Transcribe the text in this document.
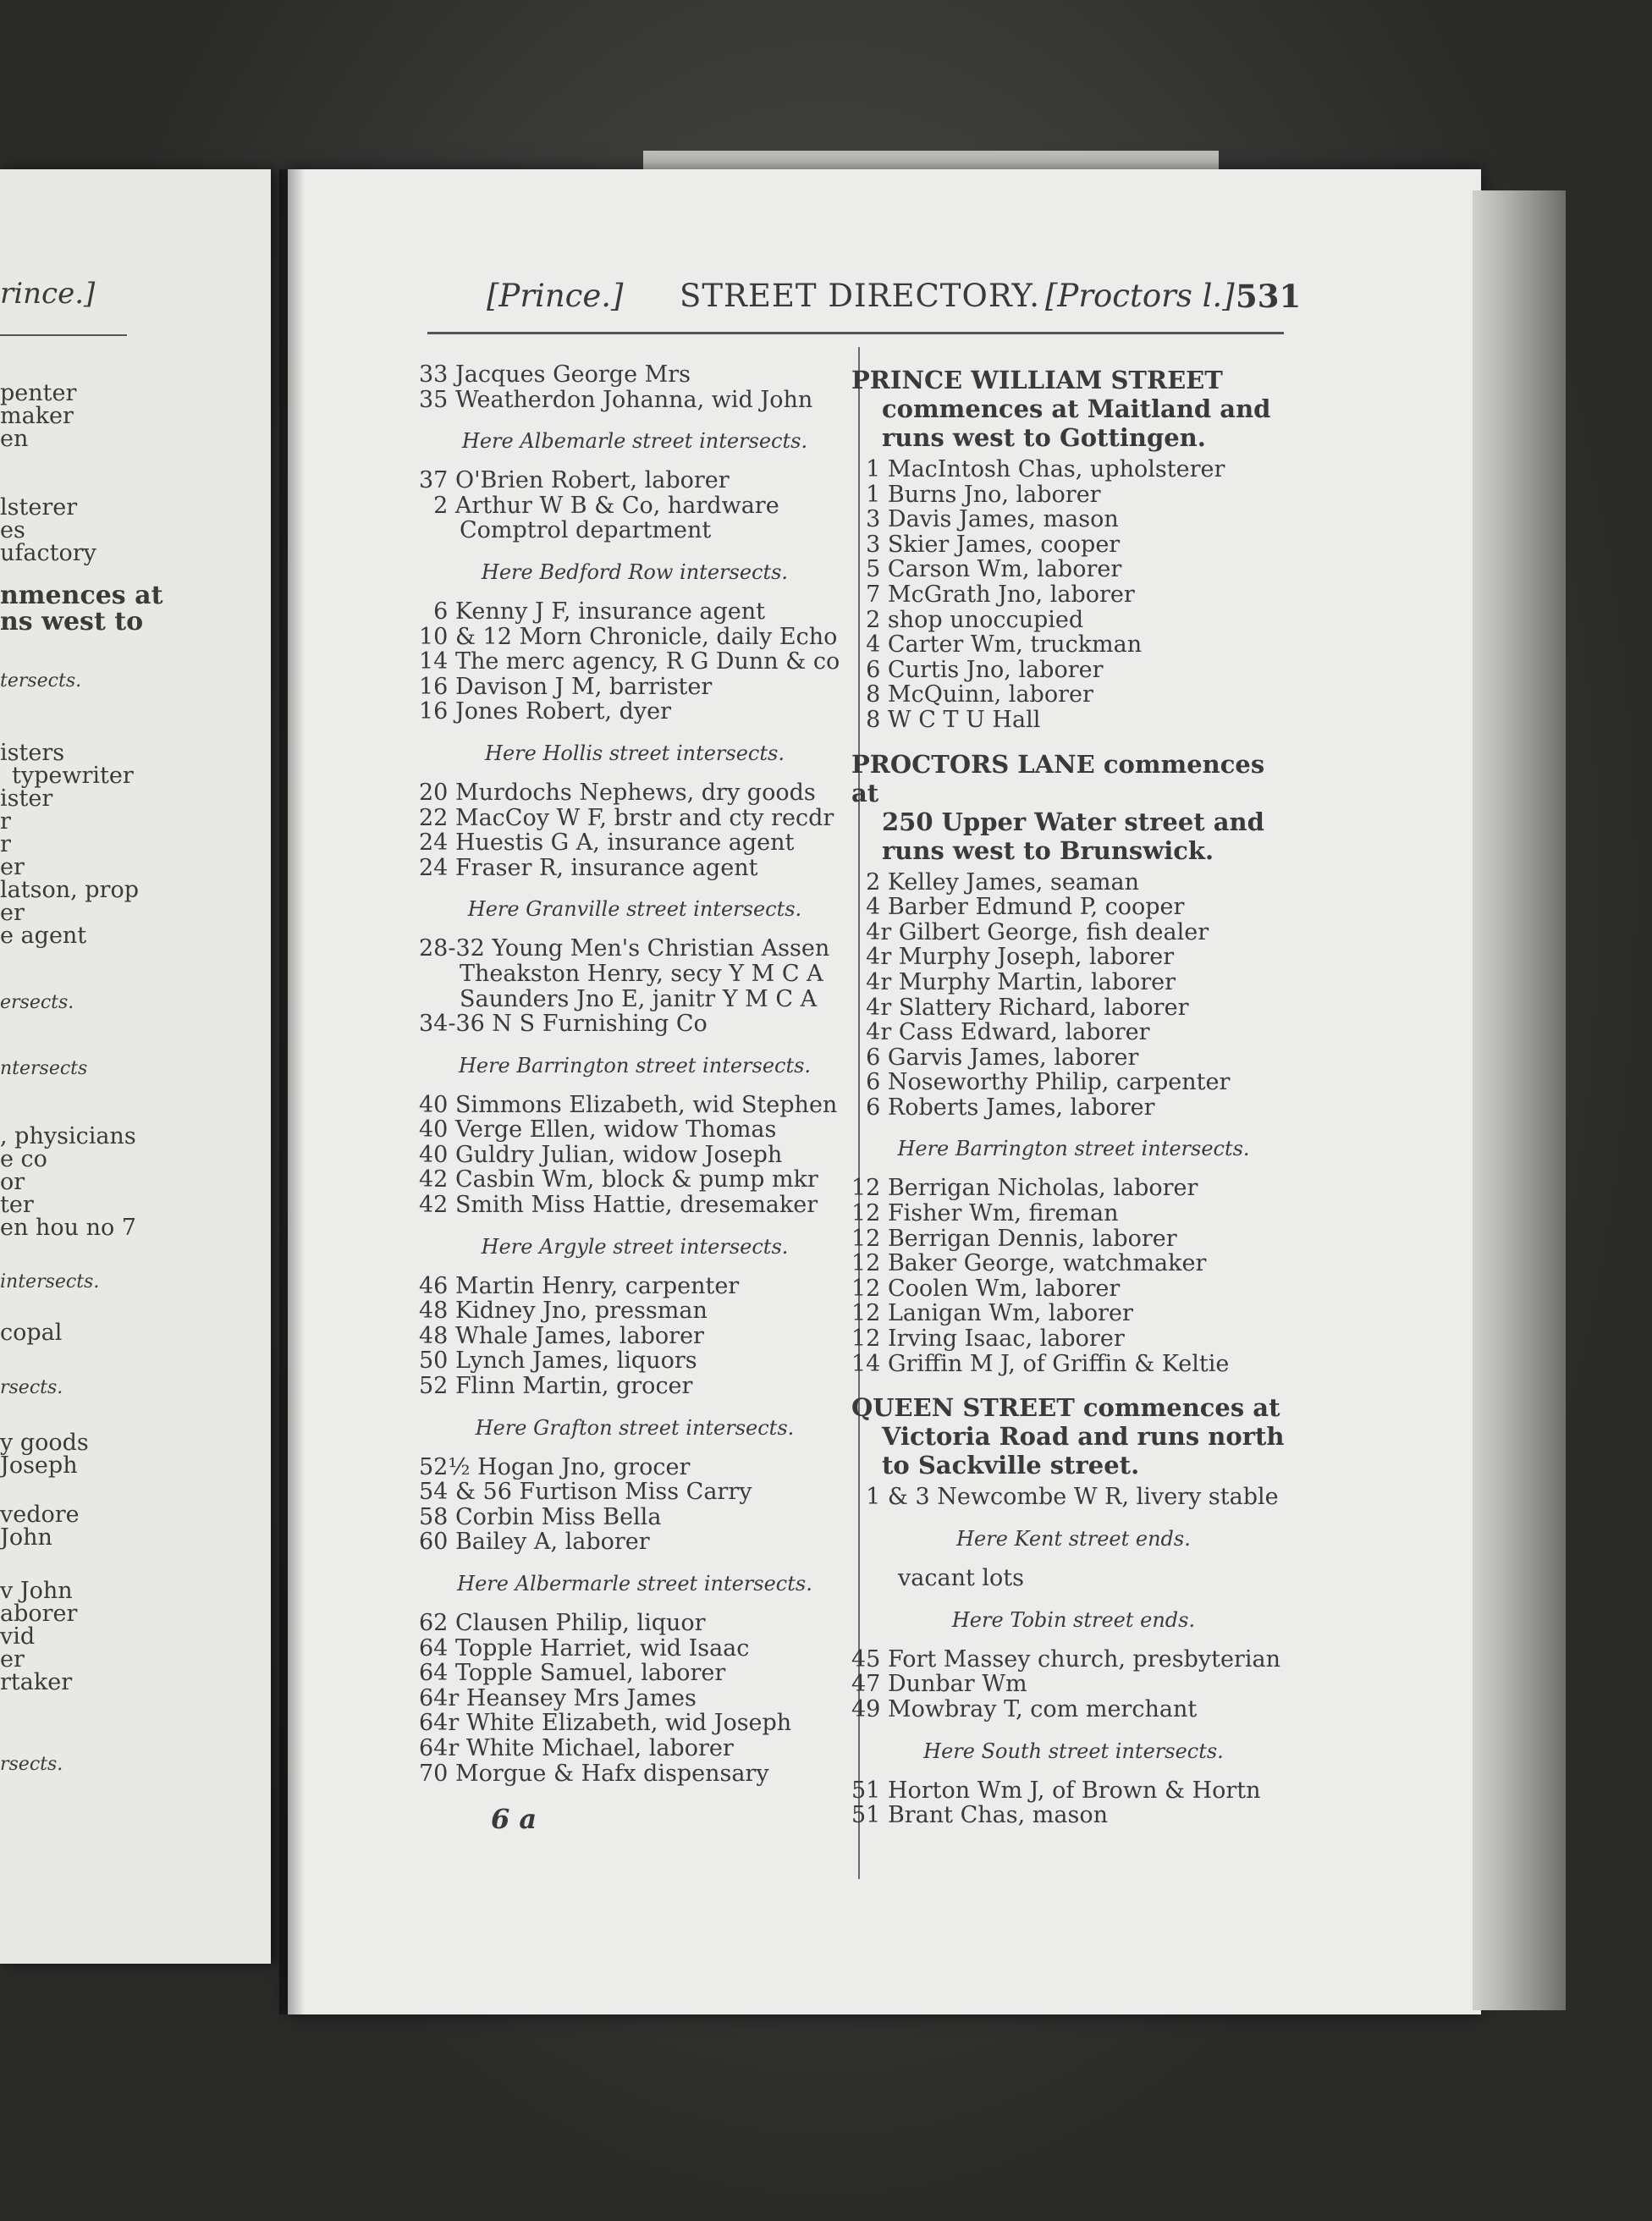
rince.]
penter
maker
en
lsterer
es
ufactory
nmences at
ns west to
tersects.
isters
typewriter
ister
r
r
er
latson, prop
er
e agent
ersects.
ntersects
, physicians
e co
or
ter
en hou no 7
intersects.
copal
rsects.
y goods
Joseph
vedore
John
v John
aborer
vid
er
rtaker
rsects.
[Prince.] STREET DIRECTORY. [Proctors l.] 531
33 Jacques George Mrs
35 Weatherdon Johanna, wid John
Here Albemarle street intersects.
37 O'Brien Robert, laborer
2 Arthur W B & Co, hardware
Comptrol department
Here Bedford Row intersects.
6 Kenny J F, insurance agent
10 & 12 Morn Chronicle, daily Echo
14 The merc agency, R G Dunn & co
16 Davison J M, barrister
16 Jones Robert, dyer
Here Hollis street intersects.
20 Murdochs Nephews, dry goods
22 MacCoy W F, brstr and cty recdr
24 Huestis G A, insurance agent
24 Fraser R, insurance agent
Here Granville street intersects.
28-32 Young Men's Christian Assen
Theakston Henry, secy Y M C A
Saunders Jno E, janitr Y M C A
34-36 N S Furnishing Co
Here Barrington street intersects.
40 Simmons Elizabeth, wid Stephen
40 Verge Ellen, widow Thomas
40 Guldry Julian, widow Joseph
42 Casbin Wm, block & pump mkr
42 Smith Miss Hattie, dresemaker
Here Argyle street intersects.
46 Martin Henry, carpenter
48 Kidney Jno, pressman
48 Whale James, laborer
50 Lynch James, liquors
52 Flinn Martin, grocer
Here Grafton street intersects.
52½ Hogan Jno, grocer
54 & 56 Furtison Miss Carry
58 Corbin Miss Bella
60 Bailey A, laborer
Here Albermarle street intersects.
62 Clausen Philip, liquor
64 Topple Harriet, wid Isaac
64 Topple Samuel, laborer
64r Heansey Mrs James
64r White Elizabeth, wid Joseph
64r White Michael, laborer
70 Morgue & Hafx dispensary
6 a
PRINCE WILLIAM STREET
commences at Maitland and
runs west to Gottingen.
1 MacIntosh Chas, upholsterer
1 Burns Jno, laborer
3 Davis James, mason
3 Skier James, cooper
5 Carson Wm, laborer
7 McGrath Jno, laborer
2 shop unoccupied
4 Carter Wm, truckman
6 Curtis Jno, laborer
8 McQuinn, laborer
8 W C T U Hall
PROCTORS LANE commences at
250 Upper Water street and
runs west to Brunswick.
2 Kelley James, seaman
4 Barber Edmund P, cooper
4r Gilbert George, fish dealer
4r Murphy Joseph, laborer
4r Murphy Martin, laborer
4r Slattery Richard, laborer
4r Cass Edward, laborer
6 Garvis James, laborer
6 Noseworthy Philip, carpenter
6 Roberts James, laborer
Here Barrington street intersects.
12 Berrigan Nicholas, laborer
12 Fisher Wm, fireman
12 Berrigan Dennis, laborer
12 Baker George, watchmaker
12 Coolen Wm, laborer
12 Lanigan Wm, laborer
12 Irving Isaac, laborer
14 Griffin M J, of Griffin & Keltie
QUEEN STREET commences at
Victoria Road and runs north
to Sackville street.
1 & 3 Newcombe W R, livery stable
Here Kent street ends.
vacant lots
Here Tobin street ends.
45 Fort Massey church, presbyterian
47 Dunbar Wm
49 Mowbray T, com merchant
Here South street intersects.
51 Horton Wm J, of Brown & Hortn
51 Brant Chas, mason
